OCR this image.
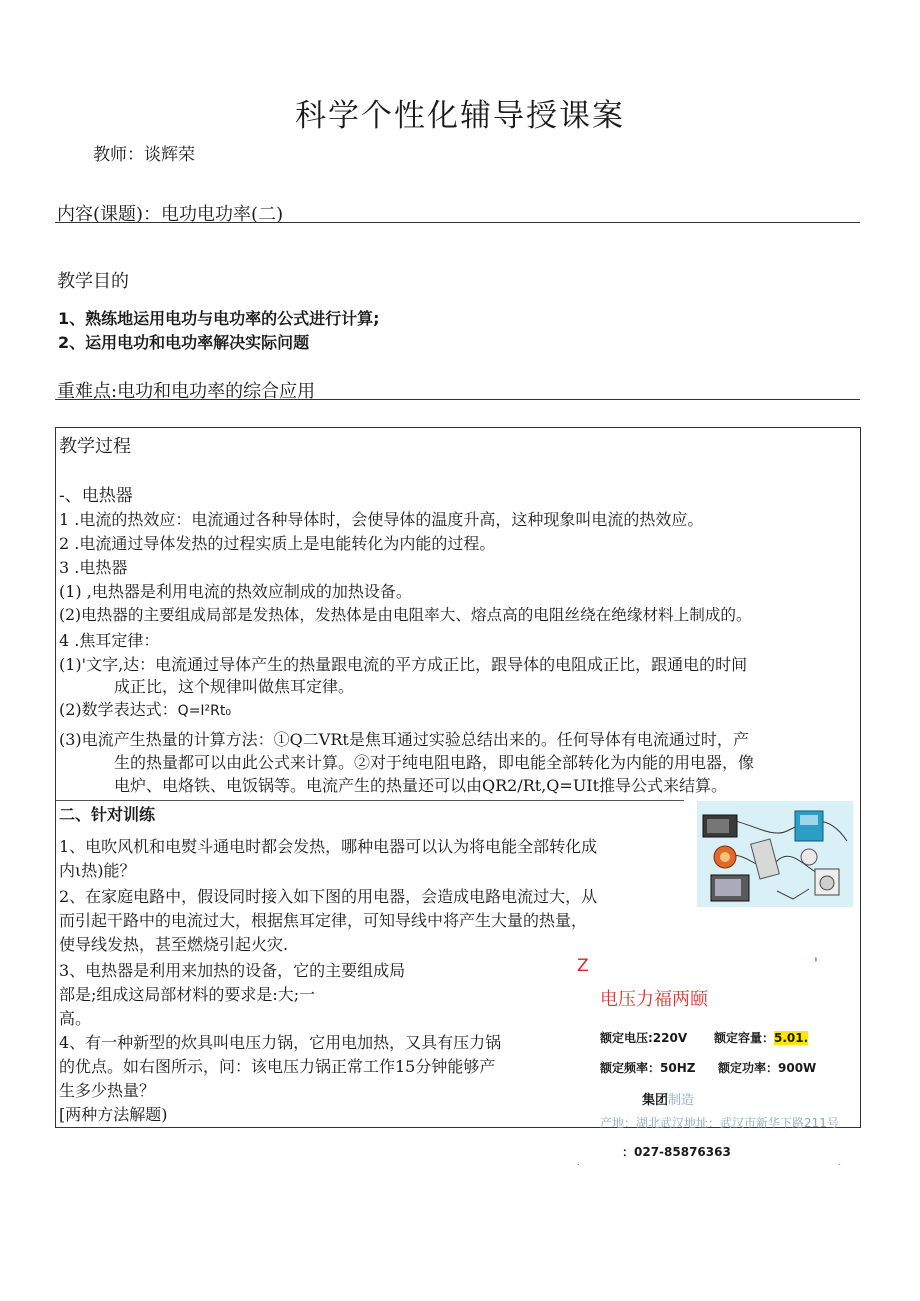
科学个性化辅导授课案
教师：谈辉荣
内容(课题)：电功电功率(二)
教学目的
1、熟练地运用电功与电功率的公式进行计算;
2、运用电功和电功率解决实际问题
重难点:电功和电功率的综合应用
教学过程
-、电热器
1 .电流的热效应：电流通过各种导体时，会使导体的温度升高，这种现象叫电流的热效应。
2 .电流通过导体发热的过程实质上是电能转化为内能的过程。
3 .电热器
(1) ,电热器是利用电流的热效应制成的加热设备。
(2)电热器的主要组成局部是发热体，发热体是由电阻率大、熔点高的电阻丝绕在绝缘材料上制成的。
4 .焦耳定律：
(1)'文字,达：电流通过导体产生的热量跟电流的平方成正比，跟导体的电阻成正比，跟通电的时间
成正比，这个规律叫做焦耳定律。
(2)数学表达式：Q=I²Rt₀
(3)电流产生热量的计算方法：①Q二VRt是焦耳通过实验总结出来的。任何导体有电流通过时，产
生的热量都可以由此公式来计算。②对于纯电阻电路，即电能全部转化为内能的用电器，像
电炉、电烙铁、电饭锅等。电流产生的热量还可以由QR2/Rt,Q=UIt推导公式来结算。
二、针对训练
1、电吹风机和电熨斗通电时都会发热，哪种电器可以认为将电能全部转化成
内ι热)能？
2、在家庭电路中，假设同时接入如下图的用电器，会造成电路电流过大，从
而引起干路中的电流过大，根据焦耳定律，可知导线中将产生大量的热量，
使导线发热，甚至燃烧引起火灾.
3、电热器是利用来加热的设备，它的主要组成局
部是;组成这局部材料的要求是:大;一
高。
4、有一种新型的炊具叫电压力锅，它用电加热，又具有压力锅
的优点。如右图所示，问：该电压力锅正常工作15分钟能够产
生多少热量？
[两种方法解题)
Z	'
电压力福两颐
额定电压:220V 额定容量：5.01.
额定频率：50HZ 额定功率：900W
集团制造
产地：湖北武汉地址：武汉市新华下路211号
：027-85876363
.	.
